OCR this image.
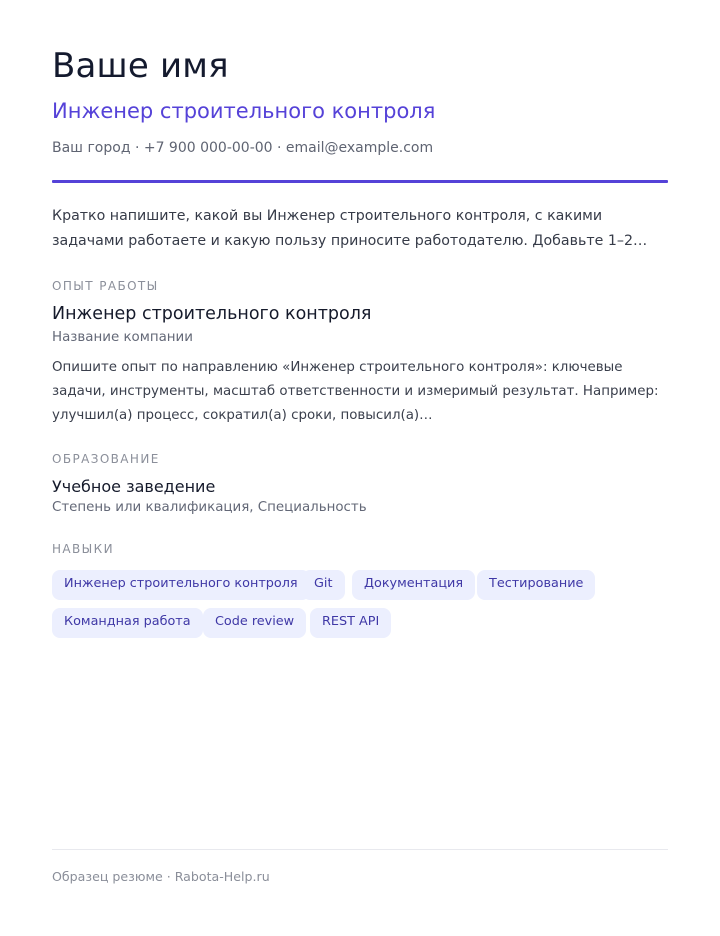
Ваше имя
Инженер строительного контроля
Ваш город · +7 900 000-00-00 · email@example.com
Кратко напишите, какой вы Инженер строительного контроля, с какими задачами работаете и какую пользу приносите работодателю. Добавьте 1–2…
ОПЫТ РАБОТЫ
Инженер строительного контроля
Название компании
Опишите опыт по направлению «Инженер строительного контроля»: ключевые задачи, инструменты, масштаб ответственности и измеримый результат. Например: улучшил(а) процесс, сократил(а) сроки, повысил(а)…
ОБРАЗОВАНИЕ
Учебное заведение
Степень или квалификация, Специальность
НАВЫКИ
Инженер строительного контроля	Git	Документация	Тестирование
Командная работа	Code review	REST API
Образец резюме · Rabota-Help.ru
